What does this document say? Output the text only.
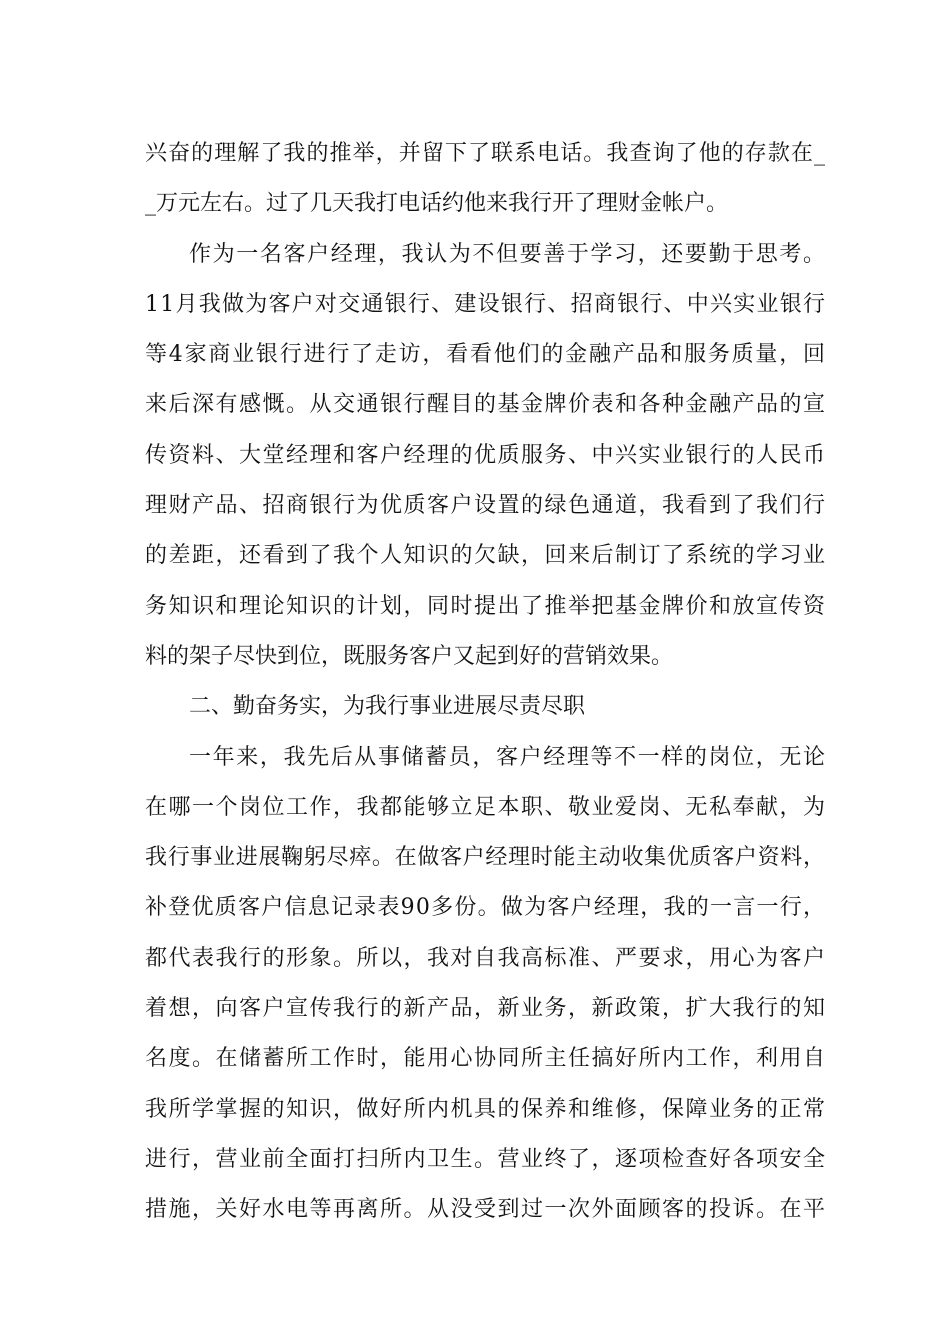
兴奋的理解了我的推举，并留下了联系电话。我查询了他的存款在_
_万元左右。过了几天我打电话约他来我行开了理财金帐户。
作为一名客户经理，我认为不但要善于学习，还要勤于思考。
11月我做为客户对交通银行、建设银行、招商银行、中兴实业银行
等4家商业银行进行了走访，看看他们的金融产品和服务质量，回
来后深有感慨。从交通银行醒目的基金牌价表和各种金融产品的宣
传资料、大堂经理和客户经理的优质服务、中兴实业银行的人民币
理财产品、招商银行为优质客户设置的绿色通道，我看到了我们行
的差距，还看到了我个人知识的欠缺，回来后制订了系统的学习业
务知识和理论知识的计划，同时提出了推举把基金牌价和放宣传资
料的架子尽快到位，既服务客户又起到好的营销效果。
二、勤奋务实，为我行事业进展尽责尽职
一年来，我先后从事储蓄员，客户经理等不一样的岗位，无论
在哪一个岗位工作，我都能够立足本职、敬业爱岗、无私奉献，为
我行事业进展鞠躬尽瘁。在做客户经理时能主动收集优质客户资料，
补登优质客户信息记录表90多份。做为客户经理，我的一言一行，
都代表我行的形象。所以，我对自我高标准、严要求，用心为客户
着想，向客户宣传我行的新产品，新业务，新政策，扩大我行的知
名度。在储蓄所工作时，能用心协同所主任搞好所内工作，利用自
我所学掌握的知识，做好所内机具的保养和维修，保障业务的正常
进行，营业前全面打扫所内卫生。营业终了，逐项检查好各项安全
措施，关好水电等再离所。从没受到过一次外面顾客的投诉。在平
